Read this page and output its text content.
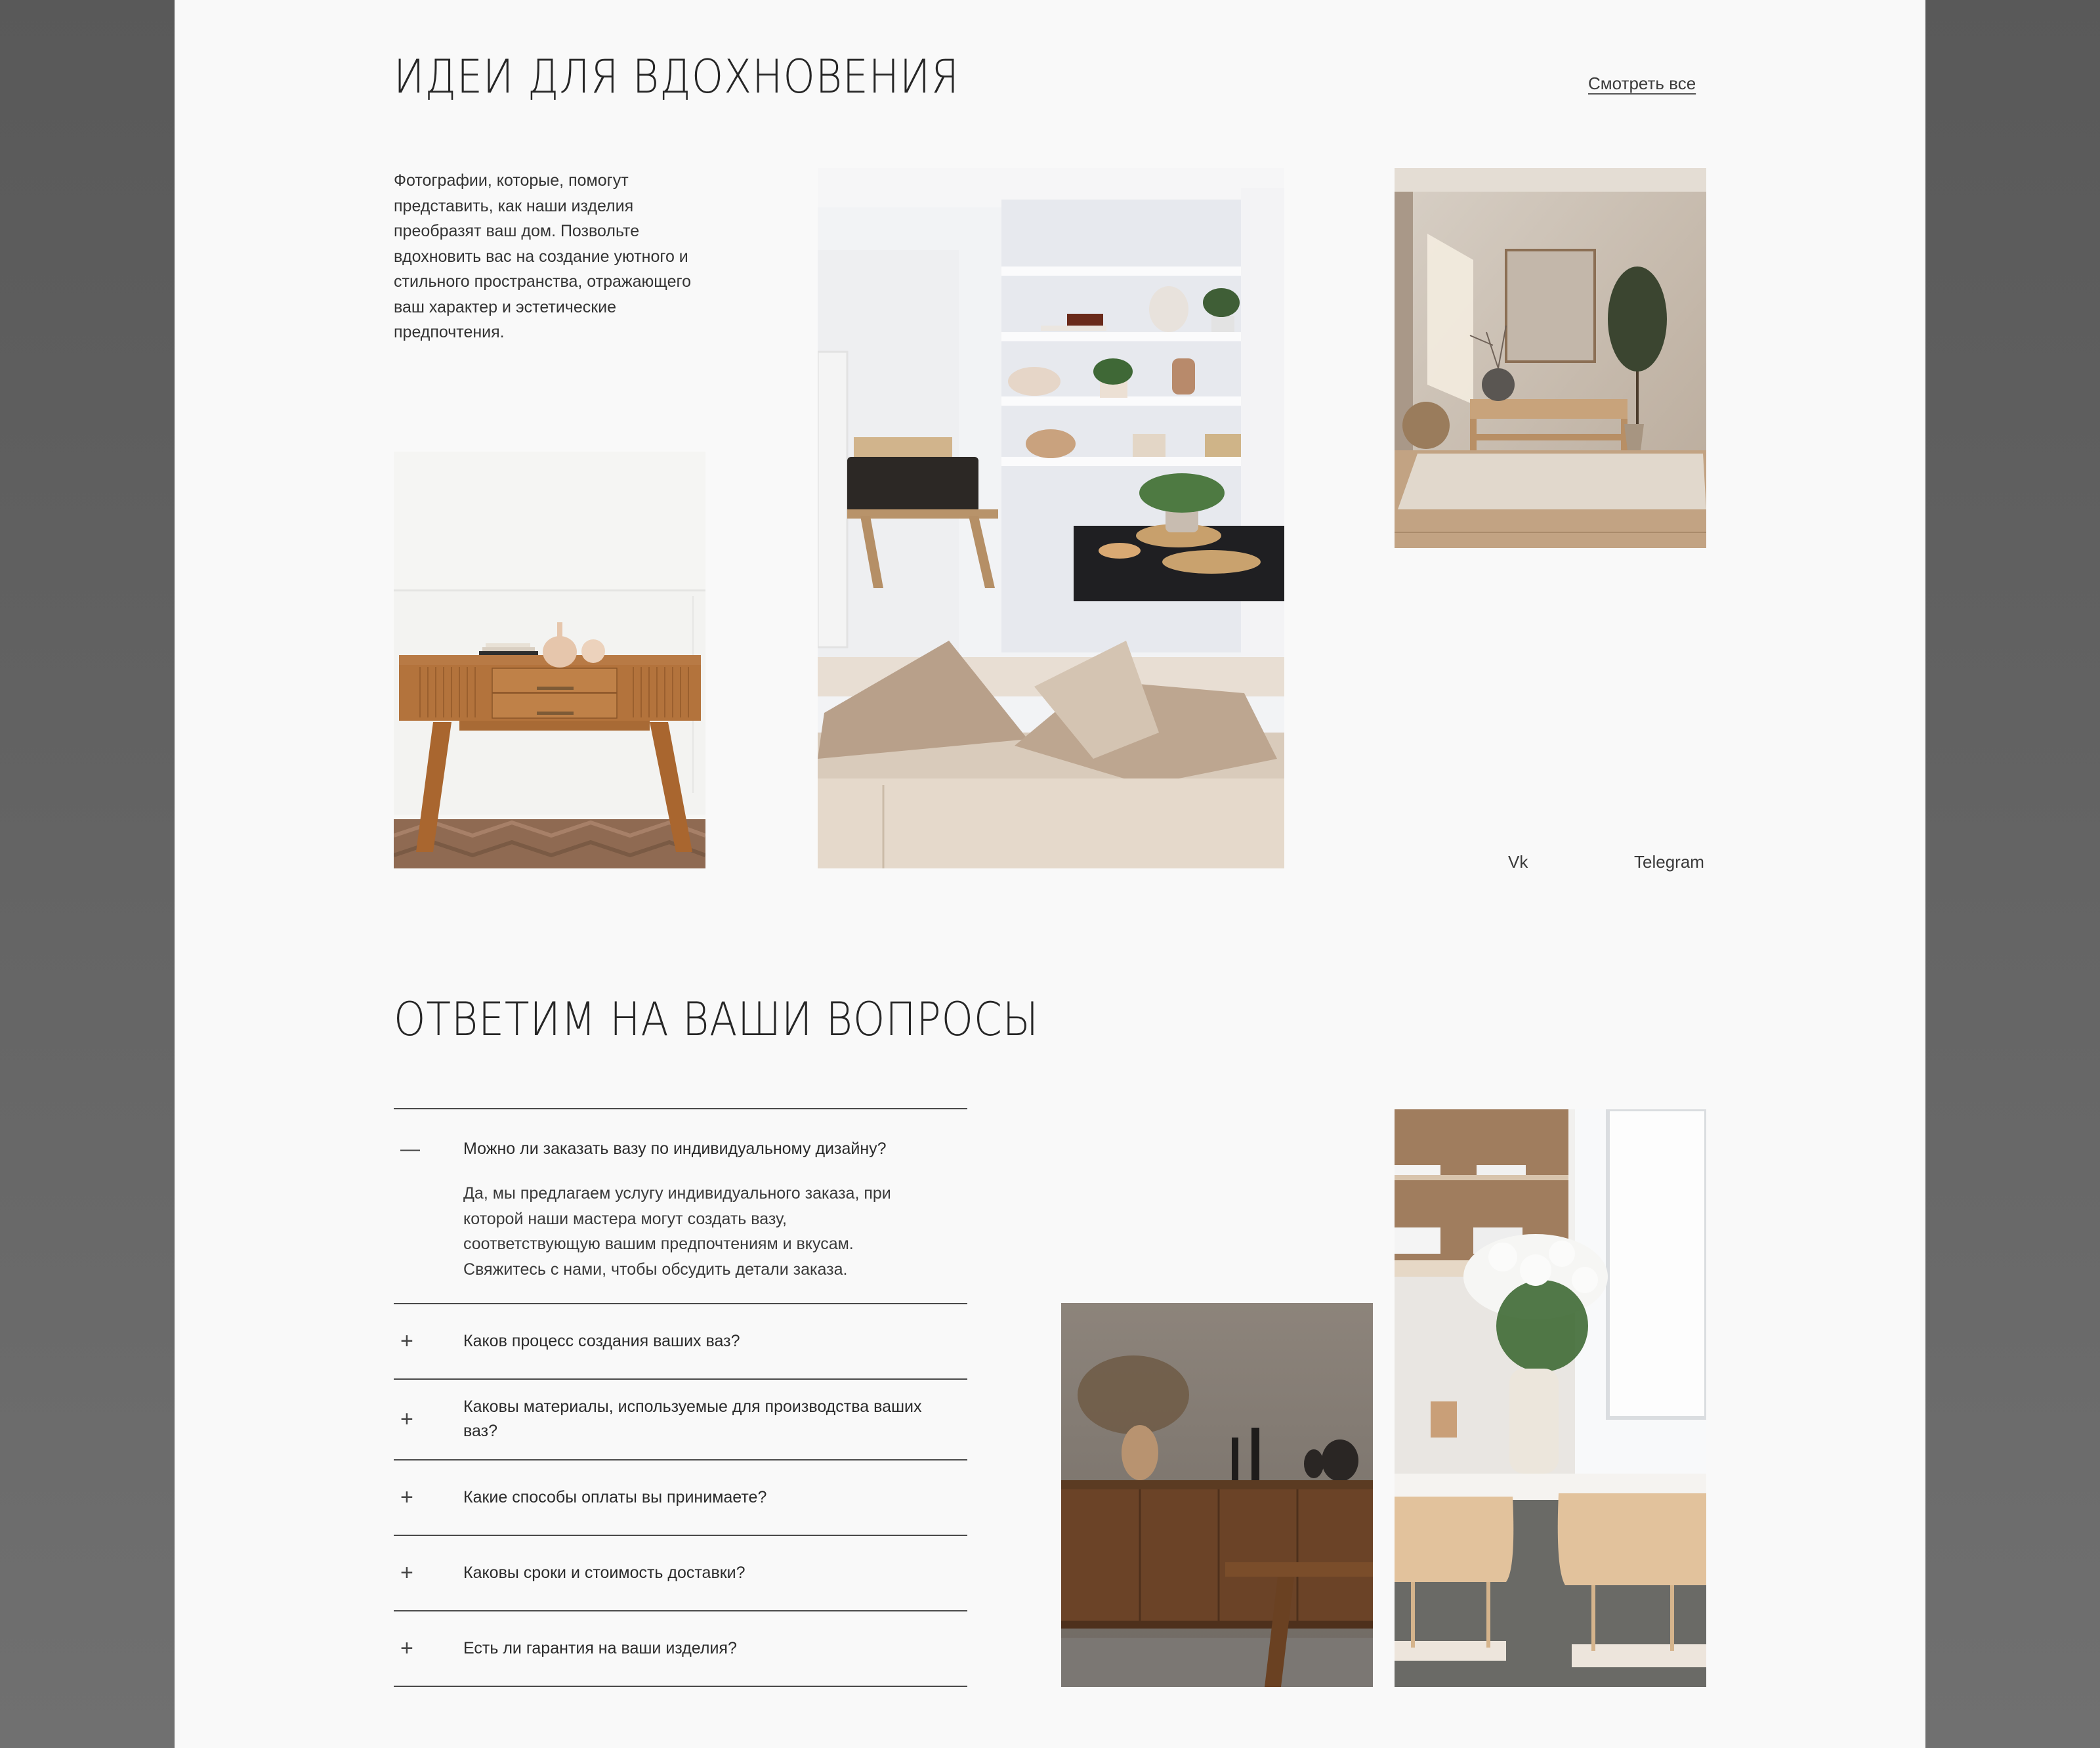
ИДЕИ ДЛЯ ВДОХНОВЕНИЯ	Смотреть все

Фотографии, которые, помогут представить, как наши изделия преобразят ваш дом. Позвольте вдохновить вас на создание уютного и стильного пространства, отражающего ваш характер и эстетические предпочтения.

Vk	Telegram
ОТВЕТИМ НА ВАШИ ВОПРОСЫ
—	Можно ли заказать вазу по индивидуальному дизайну?

Да, мы предлагаем услугу индивидуального заказа, при которой наши мастера могут создать вазу, соответствующую вашим предпочтениям и вкусам. Свяжитесь с нами, чтобы обсудить детали заказа.

+	Каков процесс создания ваших ваз?
+	Каковы материалы, используемые для производства ваших ваз?
+	Какие способы оплаты вы принимаете?
+	Каковы сроки и стоимость доставки?
+	Есть ли гарантия на ваши изделия?
